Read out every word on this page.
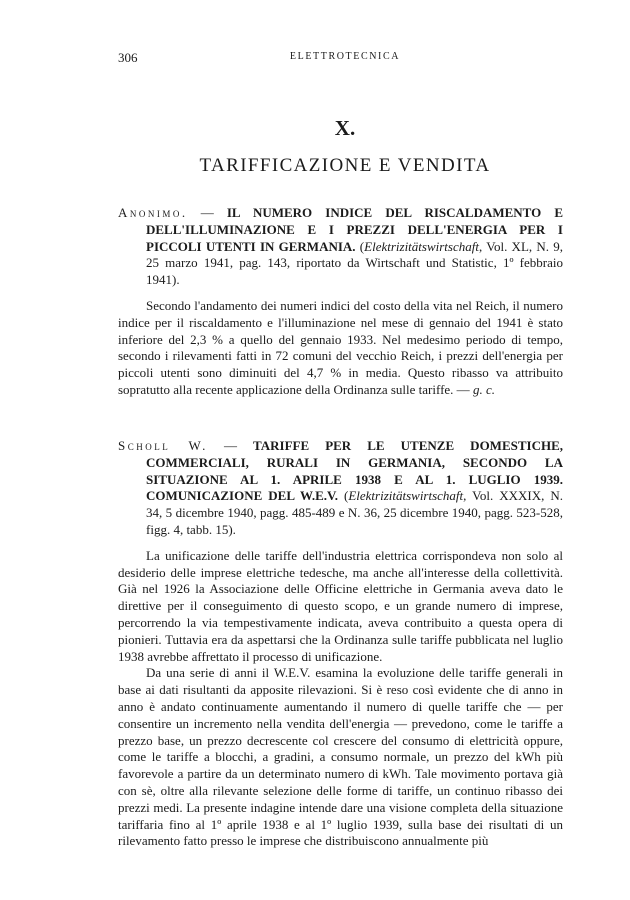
306	ELETTROTECNICA
X.
TARIFFICAZIONE E VENDITA
Anonimo. — IL NUMERO INDICE DEL RISCALDAMENTO E DELL'ILLUMINAZIONE E I PREZZI DELL'ENERGIA PER I PICCOLI UTENTI IN GERMANIA. (Elektrizitätswirtschaft, Vol. XL, N. 9, 25 marzo 1941, pag. 143, riportato da Wirtschaft und Statistic, 1º febbraio 1941).

Secondo l'andamento dei numeri indici del costo della vita nel Reich, il numero indice per il riscaldamento e l'illuminazione nel mese di gennaio del 1941 è stato inferiore del 2,3 % a quello del gennaio 1933. Nel medesimo periodo di tempo, secondo i rilevamenti fatti in 72 comuni del vecchio Reich, i prezzi dell'energia per piccoli utenti sono diminuiti del 4,7 % in media. Questo ribasso va attribuito sopratutto alla recente applicazione della Ordinanza sulle tariffe. — g. c.

Scholl W. — TARIFFE PER LE UTENZE DOMESTICHE, COMMERCIALI, RURALI IN GERMANIA, SECONDO LA SITUAZIONE AL 1. APRILE 1938 E AL 1. LUGLIO 1939. COMUNICAZIONE DEL W.E.V. (Elektrizitätswirtschaft, Vol. XXXIX, N. 34, 5 dicembre 1940, pagg. 485-489 e N. 36, 25 dicembre 1940, pagg. 523-528, figg. 4, tabb. 15).

La unificazione delle tariffe dell'industria elettrica corrispondeva non solo al desiderio delle imprese elettriche tedesche, ma anche all'interesse della collettività. Già nel 1926 la Associazione delle Officine elettriche in Germania aveva dato le direttive per il conseguimento di questo scopo, e un grande numero di imprese, percorrendo la via tempestivamente indicata, aveva contribuito a questa opera di pionieri. Tuttavia era da aspettarsi che la Ordinanza sulle tariffe pubblicata nel luglio 1938 avrebbe affrettato il processo di unificazione.

Da una serie di anni il W.E.V. esamina la evoluzione delle tariffe generali in base ai dati risultanti da apposite rilevazioni. Si è reso così evidente che di anno in anno è andato continuamente aumentando il numero di quelle tariffe che — per consentire un incremento nella vendita dell'energia — prevedono, come le tariffe a prezzo base, un prezzo decrescente col crescere del consumo di elettricità oppure, come le tariffe a blocchi, a gradini, a consumo normale, un prezzo del kWh più favorevole a partire da un determinato numero di kWh. Tale movimento portava già con sè, oltre alla rilevante selezione delle forme di tariffe, un continuo ribasso dei prezzi medi. La presente indagine intende dare una visione completa della situazione tariffaria fino al 1º aprile 1938 e al 1º luglio 1939, sulla base dei risultati di un rilevamento fatto presso le imprese che distribuiscono annualmente più
